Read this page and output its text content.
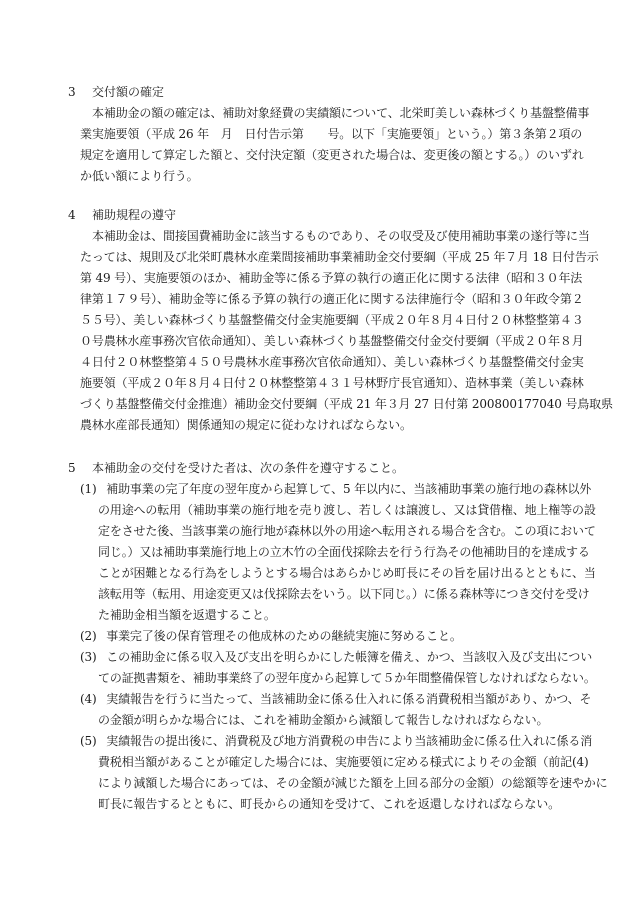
3	交付額の確定
本補助金の額の確定は、補助対象経費の実績額について、北栄町美しい森林づくり基盤整備事
業実施要領（平成 26 年　月　日付告示第　　号。以下「実施要領」という。）第３条第２項の
規定を適用して算定した額と、交付決定額（変更された場合は、変更後の額とする。）のいずれ
か低い額により行う。
4	補助規程の遵守
本補助金は、間接国費補助金に該当するものであり、その収受及び使用補助事業の遂行等に当
たっては、規則及び北栄町農林水産業間接補助事業補助金交付要綱（平成 25 年７月 18 日付告示
第 49 号）、実施要領のほか、補助金等に係る予算の執行の適正化に関する法律（昭和３０年法
律第１７９号）、補助金等に係る予算の執行の適正化に関する法律施行令（昭和３０年政令第２
５５号）、美しい森林づくり基盤整備交付金実施要綱（平成２０年８月４日付２０林整整第４３
０号農林水産事務次官依命通知）、美しい森林づくり基盤整備交付金交付要綱（平成２０年８月
４日付２０林整整第４５０号農林水産事務次官依命通知）、美しい森林づくり基盤整備交付金実
施要領（平成２０年８月４日付２０林整整第４３１号林野庁長官通知）、造林事業（美しい森林
づくり基盤整備交付金推進）補助金交付要綱（平成 21 年３月 27 日付第 200800177040 号鳥取県
農林水産部長通知）関係通知の規定に従わなければならない。
5	本補助金の交付を受けた者は、次の条件を遵守すること。
(1) 補助事業の完了年度の翌年度から起算して、5 年以内に、当該補助事業の施行地の森林以外
の用途への転用（補助事業の施行地を売り渡し、若しくは譲渡し、又は貸借権、地上権等の設
定をさせた後、当該事業の施行地が森林以外の用途へ転用される場合を含む。この項において
同じ。）又は補助事業施行地上の立木竹の全面伐採除去を行う行為その他補助目的を達成する
ことが困難となる行為をしようとする場合はあらかじめ町長にその旨を届け出るとともに、当
該転用等（転用、用途変更又は伐採除去をいう。以下同じ。）に係る森林等につき交付を受け
た補助金相当額を返還すること。
(2) 事業完了後の保育管理その他成林のための継続実施に努めること。
(3) この補助金に係る収入及び支出を明らかにした帳簿を備え、かつ、当該収入及び支出につい
ての証拠書類を、補助事業終了の翌年度から起算して５か年間整備保管しなければならない。
(4) 実績報告を行うに当たって、当該補助金に係る仕入れに係る消費税相当額があり、かつ、そ
の金額が明らかな場合には、これを補助金額から減額して報告しなければならない。
(5) 実績報告の提出後に、消費税及び地方消費税の申告により当該補助金に係る仕入れに係る消
費税相当額があることが確定した場合には、実施要領に定める様式によりその金額（前記(4)
により減額した場合にあっては、その金額が減じた額を上回る部分の金額）の総額等を速やかに
町長に報告するとともに、町長からの通知を受けて、これを返還しなければならない。
